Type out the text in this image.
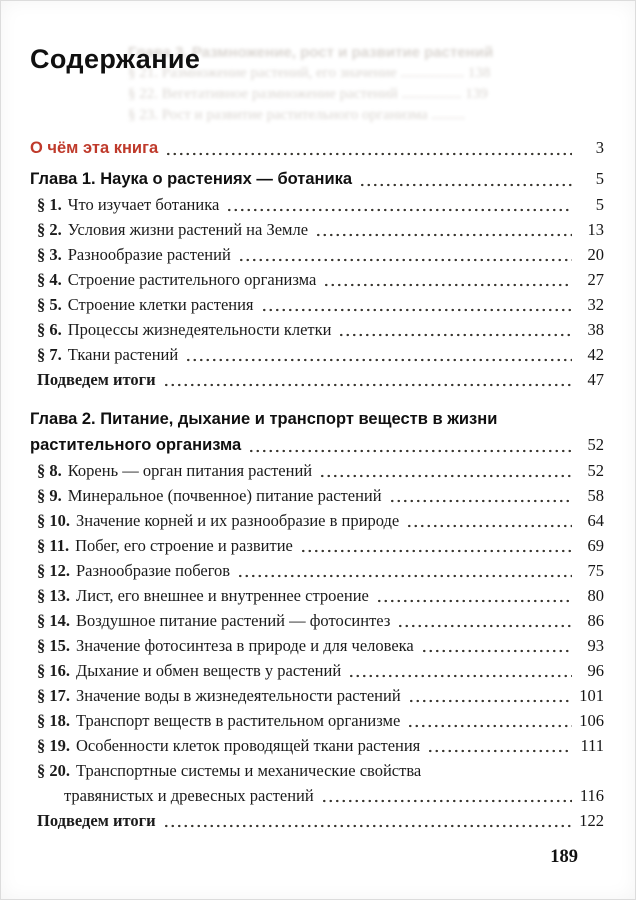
Глава 3. Размножение, рост и развитие растений
§ 21. Размножение растений, его значение ................. 138
§ 22. Вегетативное размножение растений ................ 139
§ 23. Рост и развитие растительного организма .........
Содержание
О чём эта книга	3
Глава 1. Наука о растениях — ботаника	5
§ 1. Что изучает ботаника	5
§ 2. Условия жизни растений на Земле	13
§ 3. Разнообразие растений	20
§ 4. Строение растительного организма	27
§ 5. Строение клетки растения	32
§ 6. Процессы жизнедеятельности клетки	38
§ 7. Ткани растений	42
Подведем итоги	47
Глава 2. Питание, дыхание и транспорт веществ в жизни
растительного организма	52
§ 8. Корень — орган питания растений	52
§ 9. Минеральное (почвенное) питание растений	58
§ 10. Значение корней и их разнообразие в природе	64
§ 11. Побег, его строение и развитие	69
§ 12. Разнообразие побегов	75
§ 13. Лист, его внешнее и внутреннее строение	80
§ 14. Воздушное питание растений — фотосинтез	86
§ 15. Значение фотосинтеза в природе и для человека	93
§ 16. Дыхание и обмен веществ у растений	96
§ 17. Значение воды в жизнедеятельности растений	101
§ 18. Транспорт веществ в растительном организме	106
§ 19. Особенности клеток проводящей ткани растения	111
§ 20. Транспортные системы и механические свойства
травянистых и древесных растений	116
Подведем итоги	122
189
